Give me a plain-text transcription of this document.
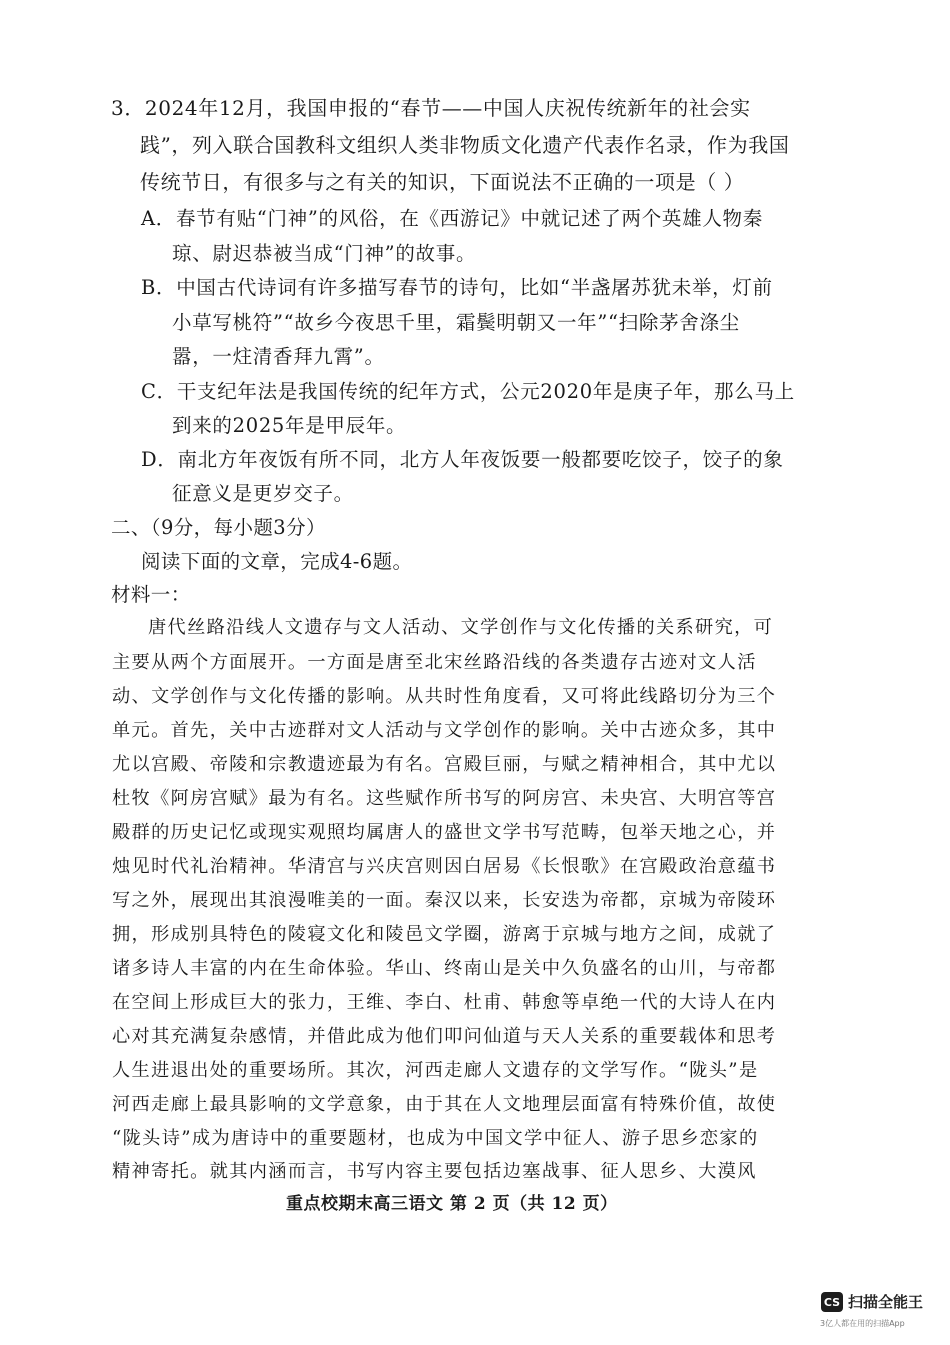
3．2024年12月，我国申报的“春节——中国人庆祝传统新年的社会实
践”，列入联合国教科文组织人类非物质文化遗产代表作名录，作为我国
传统节日，有很多与之有关的知识，下面说法不正确的一项是（ ）
A．春节有贴“门神”的风俗，在《西游记》中就记述了两个英雄人物秦
琼、尉迟恭被当成“门神”的故事。
B．中国古代诗词有许多描写春节的诗句，比如“半盏屠苏犹未举，灯前
小草写桃符”“故乡今夜思千里，霜鬓明朝又一年”“扫除茅舍涤尘
嚣，一炷清香拜九霄”。
C．干支纪年法是我国传统的纪年方式，公元2020年是庚子年，那么马上
到来的2025年是甲辰年。
D．南北方年夜饭有所不同，北方人年夜饭要一般都要吃饺子，饺子的象
征意义是更岁交子。
二、（9分，每小题3分）
阅读下面的文章，完成4-6题。
材料一：
唐代丝路沿线人文遗存与文人活动、文学创作与文化传播的关系研究，可
主要从两个方面展开。一方面是唐至北宋丝路沿线的各类遗存古迹对文人活
动、文学创作与文化传播的影响。从共时性角度看，又可将此线路切分为三个
单元。首先，关中古迹群对文人活动与文学创作的影响。关中古迹众多，其中
尤以宫殿、帝陵和宗教遗迹最为有名。宫殿巨丽，与赋之精神相合，其中尤以
杜牧《阿房宫赋》最为有名。这些赋作所书写的阿房宫、未央宫、大明宫等宫
殿群的历史记忆或现实观照均属唐人的盛世文学书写范畴，包举天地之心，并
烛见时代礼治精神。华清宫与兴庆宫则因白居易《长恨歌》在宫殿政治意蕴书
写之外，展现出其浪漫唯美的一面。秦汉以来，长安迭为帝都，京城为帝陵环
拥，形成别具特色的陵寝文化和陵邑文学圈，游离于京城与地方之间，成就了
诸多诗人丰富的内在生命体验。华山、终南山是关中久负盛名的山川，与帝都
在空间上形成巨大的张力，王维、李白、杜甫、韩愈等卓绝一代的大诗人在内
心对其充满复杂感情，并借此成为他们叩问仙道与天人关系的重要载体和思考
人生进退出处的重要场所。其次，河西走廊人文遗存的文学写作。“陇头”是
河西走廊上最具影响的文学意象，由于其在人文地理层面富有特殊价值，故使
“陇头诗”成为唐诗中的重要题材，也成为中国文学中征人、游子思乡恋家的
精神寄托。就其内涵而言，书写内容主要包括边塞战事、征人思乡、大漠风
重点校期末高三语文 第 2 页（共 12 页）
CS 扫描全能王
3亿人都在用的扫描App
